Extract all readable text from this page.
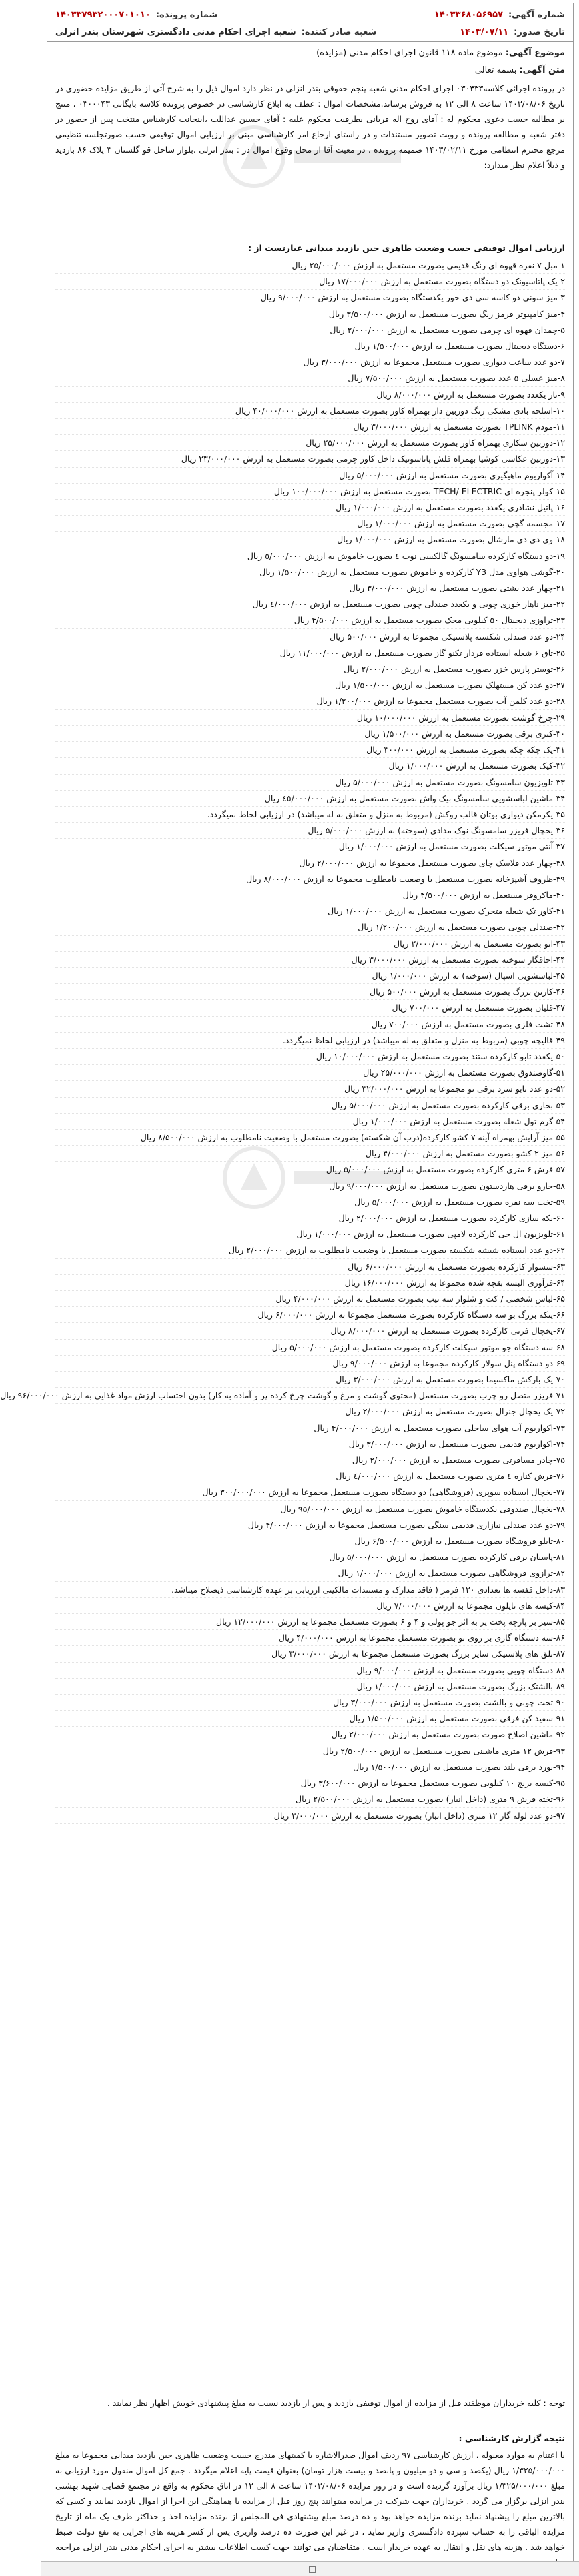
شماره آگهی:
۱۴۰۳۳۶۸۰۵۶۹۵۷
شماره پرونده:
۱۴۰۳۳۷۹۳۲۰۰۰۷۰۱۰۱۰
تاریخ صدور:
۱۴۰۳/۰۷/۱۱
شعبه صادر کننده:
شعبه اجرای احکام مدنی دادگستری شهرستان بندر انزلی
موضوع آگهی: موضوع ماده ۱۱۸ قانون اجرای احکام مدنی (مزایده)
متن آگهی: بسمه تعالی

در پرونده اجرائی کلاسه۰۳۰۴۳۳ اجرای احکام مدنی شعبه پنجم حقوقی بندر انزلی در نظر دارد اموال ذیل را به شرح آتی از طریق مزایده حضوری در تاریخ ۱۴۰۳/۰۸/۰۶ ساعت ۸ الی ۱۲ به فروش برساند.مشخصات اموال : عطف به ابلاغ کارشناسی در خصوص پرونده کلاسه بایگانی ۰۳۰۰۰۴۳ ، منتج بر مطالبه حسب دعوی محکوم له : آقای روح اله قربانی بطرفیت محکوم علیه : آقای حسین عداللت ،اینجانب کارشناس منتخب پس از حضور در دفتر شعبه و مطالعه پرونده و رویت تصویر مستندات و در راستای ارجاع امر کارشناسی مبنی بر ارزیابی اموال توقیفی حسب صورتجلسه تنظیمی مرجع محترم انتظامی مورخ ۱۴۰۳/۰۲/۱۱ ضمیمه پرونده ، در معیت آقا از محل وقوع اموال در : بندر انزلی ،بلوار ساحل قو گلستان ۳ پلاک ۸۶ بازدید و ذیلاً اعلام نظر میدارد:

ارزیابی اموال توقیفی حسب وضعیت ظاهری حین بازدید میدانی عبارتست از :

۱-مبل ۷ نفره قهوه ای رنگ قدیمی بصورت مستعمل به ارزش ۲۵/۰۰۰/۰۰۰ ریال
۲-یک پاتاسیونک دو دستگاه بصورت مستعمل به ارزش ۱۷/۰۰۰/۰۰۰ ریال
۳-میز سونی دو کاسه سی دی خور یکدستگاه بصورت مستعمل به ارزش ۹/۰۰۰/۰۰۰ ریال
۴-میز کامپیوتر قرمز رنگ بصورت مستعمل به ارزش ۳/۵۰۰/۰۰۰ ریال
۵-چمدان قهوه ای چرمی بصورت مستعمل به ارزش ۲/۰۰۰/۰۰۰ ریال
۶-دستگاه دیجیتال بصورت مستعمل به ارزش ۱/۵۰۰/۰۰۰ ریال
۷-دو عدد ساعت دیواری بصورت مستعمل مجموعا به ارزش ۳/۰۰۰/۰۰۰ ریال
۸-میز عسلی ۵ عدد بصورت مستعمل به ارزش ۷/۵۰۰/۰۰۰ ریال
۹-تار یکعدد بصورت مستعمل به ارزش ۸/۰۰۰/۰۰۰ ریال
۱۰-اسلحه بادی مشکی رنگ دوربین دار بهمراه کاور بصورت مستعمل به ارزش ۴۰/۰۰۰/۰۰۰ ریال
۱۱-مودم TPLINK بصورت مستعمل به ارزش ۳/۰۰۰/۰۰۰ ریال
۱۲-دوربین شکاری بهمراه کاور بصورت مستعمل به ارزش ۲۵/۰۰۰/۰۰۰ ریال
۱۳-دوربین عکاسی کوشیا بهمراه فلش پاناسونیک داخل کاور چرمی بصورت مستعمل به ارزش ۲۳/۰۰۰/۰۰۰ ریال
۱۴-آکواریوم ماهیگیری بصورت مستعمل به ارزش ۵/۰۰۰/۰۰۰ ریال
۱۵-کولر پنجره ای TECH/ ELECTRIC بصورت مستعمل به ارزش ۱۰۰/۰۰۰/۰۰۰ ریال
۱۶-پاتیل نشادری یکعدد بصورت مستعمل به ارزش ۱/۰۰۰/۰۰۰ ریال
۱۷-مجسمه گچی بصورت مستعمل به ارزش ۱/۰۰۰/۰۰۰ ریال
۱۸-وی دی دی مارشال بصورت مستعمل به ارزش ۱/۰۰۰/۰۰۰ ریال
۱۹-دو دستگاه کارکرده سامسونگ گالکسی نوت ٤ بصورت خاموش به ارزش ٥/٠٠٠/٠٠٠ ريال
۲۰-گوشی هواوی مدل Y3 کارکرده و خاموش بصورت مستعمل به ارزش ۱/۵۰۰/۰۰۰ ریال
۲۱-چهار عدد بشتی بصورت مستعمل به ارزش ۳/۰۰۰/۰۰۰ ریال
۲۲-میز ناهار خوری چوبی و یکعدد صندلی چوبی بصورت مستعمل به ارزش ٤/٠٠٠/٠٠٠ ریال
۲۳-تراوزی دیجیتال ۵۰ کیلویی محک بصورت مستعمل به ارزش ۴/۵۰۰/۰۰۰ ریال
۲۴-دو عدد صندلی شکسته پلاستیکی مجموعا به ارزش ۵۰۰/۰۰۰ ریال
۲۵-تاق ۶ شعله ایستاده فردار تکنو گاز بصورت مستعمل به ارزش ۱۱/۰۰۰/۰۰۰ ریال
۲۶-توستر پارس خزر بصورت مستعمل به ارزش ۲/۰۰۰/۰۰۰ ریال
۲۷-دو عدد کن مستهلک بصورت مستعمل به ارزش ۱/۵۰۰/۰۰۰ ریال
۲۸-دو عدد کلمن آب بصورت مستعمل مجموعا به ارزش ۱/۲۰۰/۰۰۰ ریال
۲۹-چرخ گوشت بصورت مستعمل به ارزش ۱۰/۰۰۰/۰۰۰ ریال
۳۰-کتری برقی بصورت مستعمل به ارزش ۱/۵۰۰/۰۰۰ ریال
۳۱-یک چکه چکه بصورت مستعمل به ارزش ۳۰۰/۰۰۰ ریال
۳۲-کیک بصورت مستعمل به ارزش ۱/۰۰۰/۰۰۰ ریال
۳۳-تلویزیون سامسونگ بصورت مستعمل به ارزش ۵/۰۰۰/۰۰۰ ریال
۳۴-ماشین لباسشویی سامسونگ بیک واش بصورت مستعمل به ارزش ٤٥/٠٠٠/٠٠٠ ریال
۳۵-یکرمکن دیواری بوتان قالب روکش (مربوط به منزل و متعلق به له میباشد) در ارزیابی لحاظ نمیگردد.
۳۶-یخچال فریزر سامسونگ نوک مدادی (سوخته) به ارزش ۵/۰۰۰/۰۰۰ ریال
۳۷-آنتی موتور سیکلت بصورت مستعمل به ارزش ۱/۰۰۰/۰۰۰ ریال
۳۸-چهار عدد فلاسک چای بصورت مستعمل مجموعا به ارزش ۲/۰۰۰/۰۰۰ ریال
۳۹-ظروف آشپزخانه بصورت مستعمل با وضعیت نامطلوب مجموعا به ارزش ۸/۰۰۰/۰۰۰ ریال
۴۰-ماکروفر مستعمل به ارزش ۴/۵۰۰/۰۰۰ ریال
۴۱-کاور تک شعله متحرک بصورت مستعمل به ارزش ۱/۰۰۰/۰۰۰ ریال
۴۲-صندلی چوبی بصورت مستعمل به ارزش ۱/۲۰۰/۰۰۰ ریال
۴۳-اتو بصورت مستعمل به ارزش ۲/۰۰۰/۰۰۰ ریال
۴۴-اجاقگاز سوخته بصورت مستعمل به ارزش ۳/۰۰۰/۰۰۰ ریال
۴۵-لباسشویی اسپال (سوخته) به ارزش ۱/۰۰۰/۰۰۰ ریال
۴۶-کارتن بزرگ بصورت مستعمل به ارزش ۵۰۰/۰۰۰ ریال
۴۷-قلیان بصورت مستعمل به ارزش ۷۰۰/۰۰۰ ریال
۴۸-تشت فلزی بصورت مستعمل به ارزش ۷۰۰/۰۰۰ ریال
۴۹-قالیچه چوبی (مربوط به منزل و متعلق به له میباشد) در ارزیابی لحاظ نمیگردد.
۵۰-یکعدد تابو کارکرده ستند بصورت مستعمل به ارزش ۱۰/۰۰۰/۰۰۰ ریال
۵۱-گاوصندوق بصورت مستعمل به ارزش ۲۵/۰۰۰/۰۰۰ ریال
۵۲-دو عدد تابو سرد برقی نو مجموعا به ارزش ۳۲/۰۰۰/۰۰۰ ریال
۵۳-بخاری برقی کارکرده بصورت مستعمل به ارزش ۵/۰۰۰/۰۰۰ ریال
۵۴-گرم تول شعله بصورت مستعمل به ارزش ۱/۰۰۰/۰۰۰ ریال
۵۵-میز آرایش بهمراه آینه ۷ کشو کارکرده(درب آن شکسته) بصورت مستعمل با وضعیت نامطلوب به ارزش ۸/۵۰۰/۰۰۰ ریال
۵۶-میز ۲ کشو بصورت مستعمل به ارزش ۴/۰۰۰/۰۰۰ ریال
۵۷-فرش ۶ متری کارکرده بصورت مستعمل به ارزش ۵/۰۰۰/۰۰۰ ریال
۵۸-جارو برقی هاردستون بصورت مستعمل به ارزش ۹/۰۰۰/۰۰۰ ریال
۵۹-تخت سه نفره بصورت مستعمل به ارزش ۵/۰۰۰/۰۰۰ ریال
۶۰-یکه سازی کارکرده بصورت مستعمل به ارزش ۲/۰۰۰/۰۰۰ ریال
۶۱-تلویزیون ال جی کارکرده لامپی بصورت مستعمل به ارزش ۱/۰۰۰/۰۰۰ ریال
۶۲-دو عدد ایستاده شیشه شکسته بصورت مستعمل با وضعیت نامطلوب به ارزش ۲/۰۰۰/۰۰۰ ریال
۶۳-سشوار کارکرده بصورت مستعمل به ارزش ۶/۰۰۰/۰۰۰ ریال
۶۴-فرآوری البسه بقچه شده مجموعا به ارزش ۱۶/۰۰۰/۰۰۰ ریال
۶۵-لباس شخصی / کت و شلوار سه تیپ بصورت مستعمل به ارزش ۴/۰۰۰/۰۰۰ ریال
۶۶-پنکه بزرگ بو سه دستگاه کارکرده بصورت مستعمل مجموعا به ارزش ۶/۰۰۰/۰۰۰ ریال
۶۷-یخچال فرنی کارکرده بصورت مستعمل به ارزش ۸/۰۰۰/۰۰۰ ریال
۶۸-سه دستگاه جو موتور سیکلت کارکرده بصورت مستعمل به ارزش ۵/۰۰۰/۰۰۰ ریال
۶۹-دو دستگاه پنل سولار کارکرده مجموعا به ارزش ۹/۰۰۰/۰۰۰ ریال
۷۰-یک بارکش ماکسیما بصورت مستعمل به ارزش ۳/۰۰۰/۰۰۰ ریال
۷۱-فریزر متصل رو چرب بصورت مستعمل (محتوی گوشت و مرغ و گوشت چرخ کرده پر و آماده به کار) بدون احتساب ارزش مواد غذایی به ارزش ۹۶/۰۰۰/۰۰۰ ریال
۷۲-یک یخچال جنرال بصورت مستعمل به ارزش ۲/۰۰۰/۰۰۰ ریال
۷۳-اکواریوم آب هوای ساحلی بصورت مستعمل به ارزش ۴/۰۰۰/۰۰۰ ریال
۷۴-اکواریوم قدیمی بصورت مستعمل به ارزش ۳/۰۰۰/۰۰۰ ریال
۷۵-چادر مسافرتی بصورت مستعمل به ارزش ۲/۰۰۰/۰۰۰ ریال
۷۶-فرش کناره ٤ متری بصورت مستعمل به ارزش ٤/٠٠٠/٠٠٠ ریال
۷۷-یخچال ایستاده سوپری (فروشگاهی) دو دستگاه بصورت مستعمل مجموعا به ارزش ۳۰۰/۰۰۰/۰۰۰ ریال
۷۸-یخچال صندوقی بکدستگاه خاموش بصورت مستعمل به ارزش ۹۵/۰۰۰/۰۰۰ ریال
۷۹-دو عدد صندلی نیازاری قدیمی سنگی بصورت مستعمل مجموعا به ارزش ۴/۰۰۰/۰۰۰ ریال
۸۰-تابلو فروشگاه بصورت مستعمل به ارزش ۶/۵۰۰/۰۰۰ ریال
۸۱-پاسبان برقی کارکرده بصورت مستعمل به ارزش ۵/۰۰۰/۰۰۰ ریال
۸۲-ترازوی فروشگاهی بصورت مستعمل به ارزش ۱/۰۰۰/۰۰۰ ریال
۸۳-داخل قفسه ها تعدادی ۱۲۰ فرمز ( فاقد مدارک و مستندات مالکیتی ارزیابی بر عهده کارشناسی ذیصلاح میباشد.
۸۴-کیسه های نایلون مجموعا به ارزش ۷/۰۰۰/۰۰۰ ریال
۸۵-سیر بر پارچه پخت پر به اثر جو پولی و ۴ و ۶ بصورت مستعمل مجموعا به ارزش ۱۲/۰۰۰/۰۰۰ ریال
۸۶-سه دستگاه گازی بر روی بو بصورت مستعمل مجموعا به ارزش ۴/۰۰۰/۰۰۰ ریال
۸۷-تلق های پلاستیکی سایز بزرگ بصورت مستعمل مجموعا به ارزش ۳/۰۰۰/۰۰۰ ریال
۸۸-دستگاه چوبی بصورت مستعمل به ارزش ۹/۰۰۰/۰۰۰ ریال
۸۹-بالشتک بزرگ بصورت مستعمل به ارزش ۱/۰۰۰/۰۰۰ ریال
۹۰-تخت چوبی و بالشت بصورت مستعمل به ارزش ۳/۰۰۰/۰۰۰ ریال
۹۱-سفید کن فرقی بصورت مستعمل به ارزش ۱/۵۰۰/۰۰۰ ریال
۹۲-ماشین اصلاح صورت بصورت مستعمل به ارزش ۲/۰۰۰/۰۰۰ ریال
۹۳-فرش ۱۲ متری ماشینی بصورت مستعمل به ارزش ۲/۵۰۰/۰۰۰ ریال
۹۴-بورد برقی بلند بصورت مستعمل به ارزش ۱/۵۰۰/۰۰۰ ریال
۹۵-کیسه برنج ۱۰ کیلویی بصورت مستعمل مجموعا به ارزش ۳/۶۰۰/۰۰۰ ریال
۹۶-تخته فرش ۹ متری (داخل انبار) بصورت مستعمل به ارزش ۲/۵۰۰/۰۰۰ ریال
۹۷-دو عدد لوله گاز ۱۲ متری (داخل انبار) بصورت مستعمل به ارزش ۳/۰۰۰/۰۰۰ ریال

توجه : کلیه خریداران موظفند قبل از مزایده از اموال توقیفی بازدید و پس از بازدید نسبت به مبلغ پیشنهادی خویش اظهار نظر نمایند .

نتیجه گزارش کارشناسی :

با اعتنام به موارد معنوله ، ارزش کارشناسی ۹۷ ردیف اموال صدرالاشاره با کمیتهای مندرج حسب وضعیت ظاهری حین بازدید میدانی مجموعا به مبلغ ۱/۳۲۵/۰۰۰/۰۰۰ ریال (یکصد و سی و دو میلیون و پانصد و بیست هزار تومان) بعنوان قیمت پایه اعلام میگردد . جمع کل اموال منقول مورد ارزیابی به مبلغ ۱/۳۲۵/۰۰۰/۰۰۰ ریال برآورد گردیده است و در روز مزایده ۱۴۰۳/۰۸/۰۶ ساعت ۸ الی ۱۲ در اتاق محکوم به واقع در مجتمع قضایی شهید بهشتی بندر انزلی برگزار می گردد . خریداران جهت شرکت در مزایده میتوانند پنج روز قبل از مزایده با هماهنگی این اجرا از اموال بازدید نمایند و کسی که بالاترین مبلغ را پیشنهاد نماید برنده مزایده خواهد بود و ده درصد مبلغ پیشنهادی فی المجلس از برنده مزایده اخذ و حداکثر ظرف یک ماه از تاریخ مزایده الباقی را به حساب سپرده دادگستری واریز نماید ، در غیر این صورت ده درصد واریزی پس از کسر هزینه های اجرایی به نفع دولت ضبط خواهد شد . هزینه های نقل و انتقال به عهده خریدار است . متقاضیان می توانند جهت کسب اطلاعات بیشتر به اجرای احکام مدنی بندر انزلی مراجعه
